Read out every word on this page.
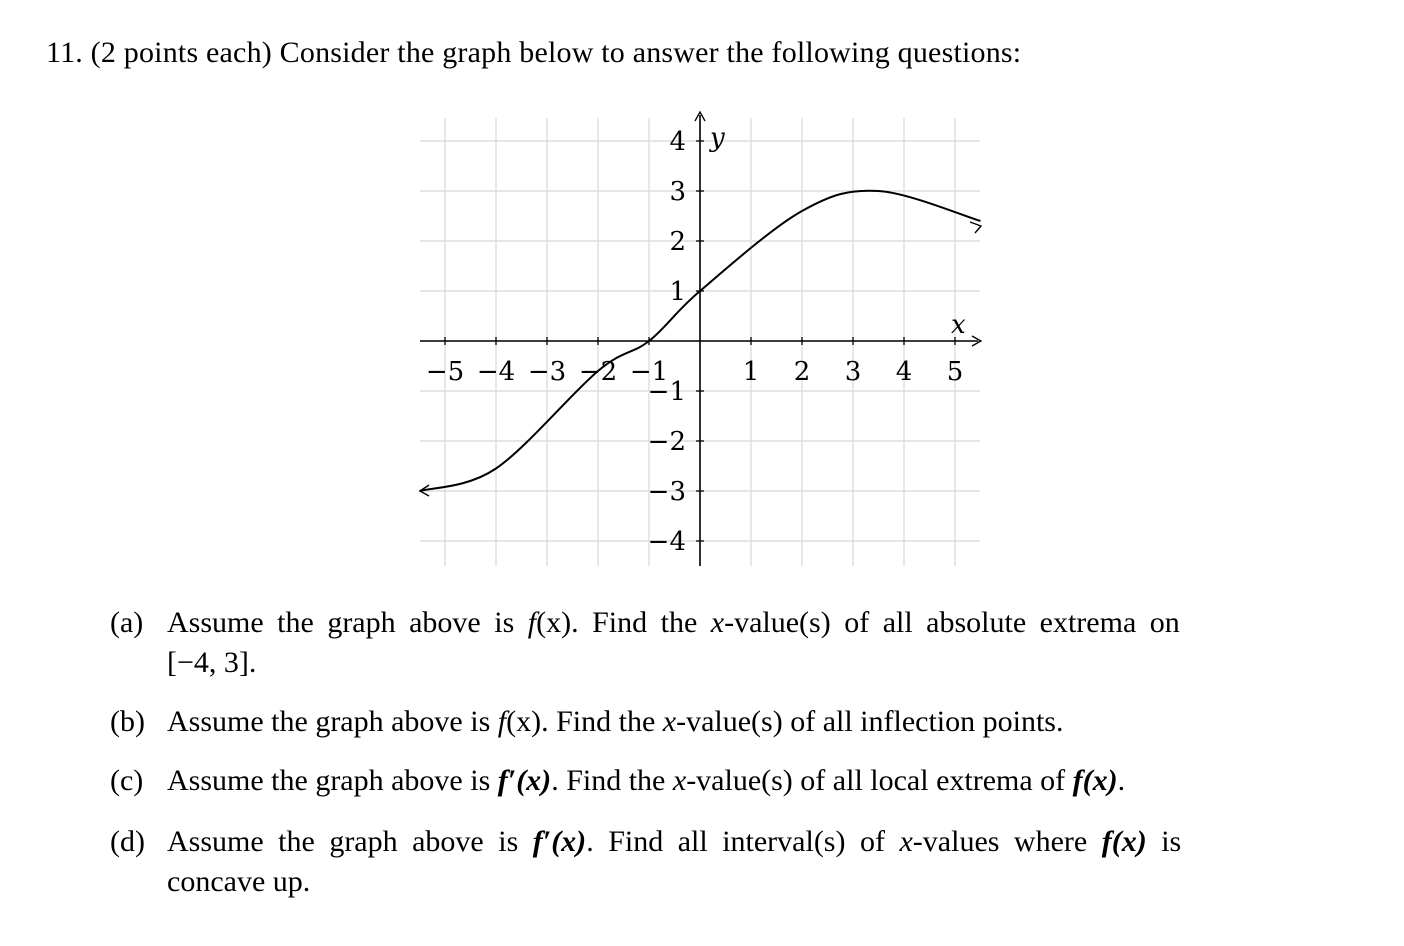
11. (2 points each) Consider the graph below to answer the following questions:
−5 −4 −3 −2 −1	1 2 3 4 5
4
3
2
1
−1
−2
−3
−4
x
y
(a) Assume the graph above is f(x). Find the x-value(s) of all absolute extrema on
[−4, 3].
(b) Assume the graph above is f(x). Find the x-value(s) of all inflection points.
(c) Assume the graph above is f′(x). Find the x-value(s) of all local extrema of f(x).
(d) Assume the graph above is f′(x). Find all interval(s) of x-values where f(x) is
concave up.
